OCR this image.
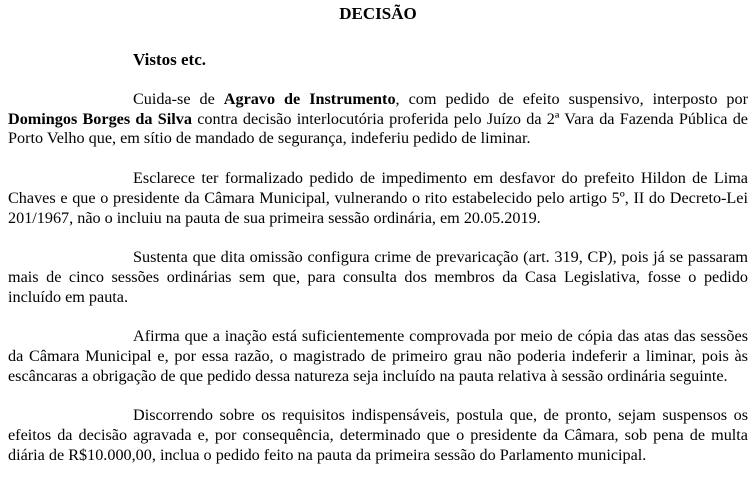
DECISÃO
Vistos etc.

Cuida-se de Agravo de Instrumento, com pedido de efeito suspensivo, interposto por Domingos Borges da Silva contra decisão interlocutória proferida pelo Juízo da 2ª Vara da Fazenda Pública de Porto Velho que, em sítio de mandado de segurança, indeferiu pedido de liminar.

Esclarece ter formalizado pedido de impedimento em desfavor do prefeito Hildon de Lima Chaves e que o presidente da Câmara Municipal, vulnerando o rito estabelecido pelo artigo 5º, II do Decreto-Lei 201/1967, não o incluiu na pauta de sua primeira sessão ordinária, em 20.05.2019.

Sustenta que dita omissão configura crime de prevaricação (art. 319, CP), pois já se passaram mais de cinco sessões ordinárias sem que, para consulta dos membros da Casa Legislativa, fosse o pedido incluído em pauta.

Afirma que a inação está suficientemente comprovada por meio de cópia das atas das sessões da Câmara Municipal e, por essa razão, o magistrado de primeiro grau não poderia indeferir a liminar, pois às escâncaras a obrigação de que pedido dessa natureza seja incluído na pauta relativa à sessão ordinária seguinte.

Discorrendo sobre os requisitos indispensáveis, postula que, de pronto, sejam suspensos os efeitos da decisão agravada e, por consequência, determinado que o presidente da Câmara, sob pena de multa diária de R$10.000,00, inclua o pedido feito na pauta da primeira sessão do Parlamento municipal.
